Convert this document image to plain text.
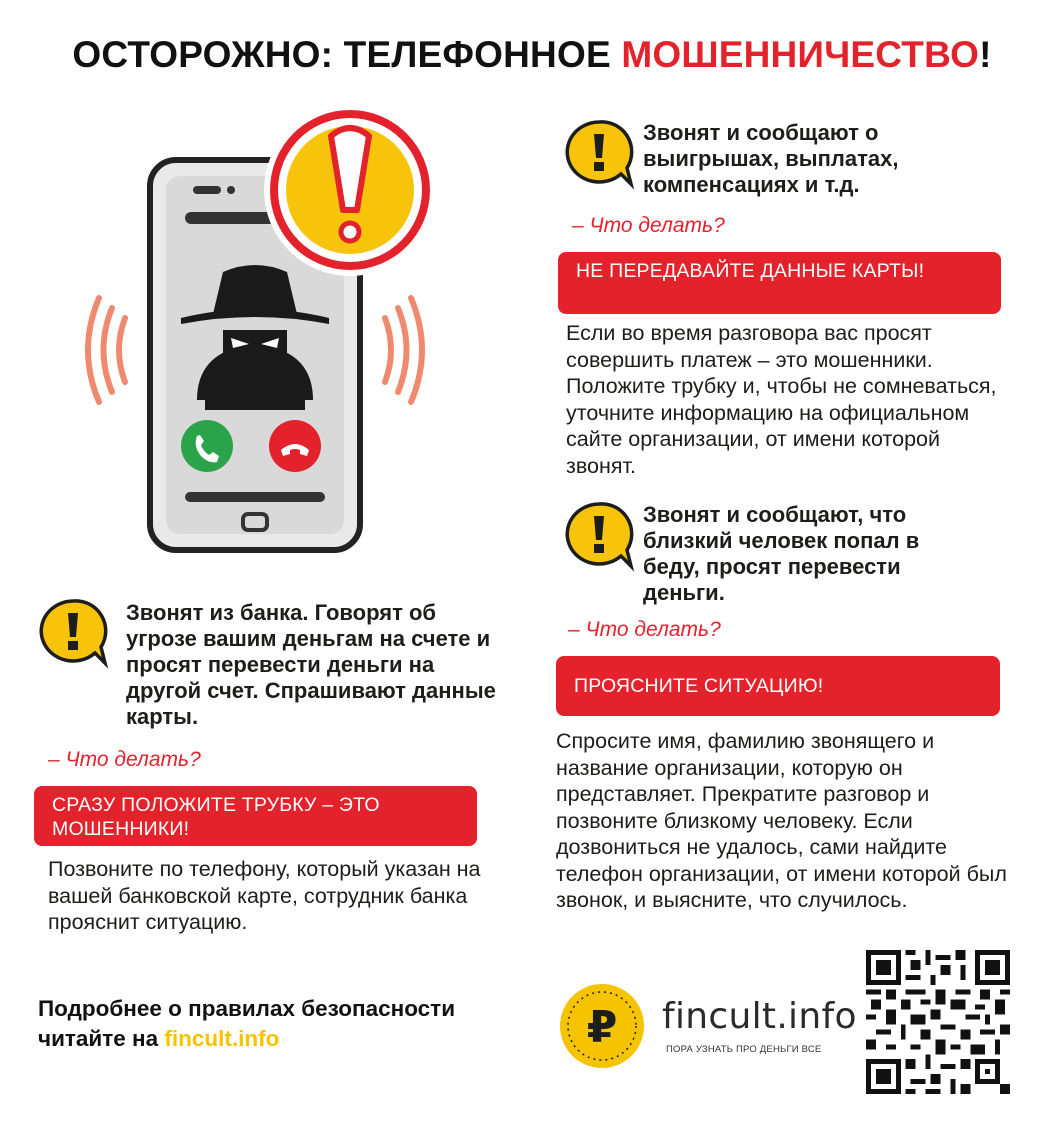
ОСТОРОЖНО: ТЕЛЕФОННОЕ МОШЕННИЧЕСТВО!
Звонят и сообщают о выигрышах, выплатах, компенсациях и т.д.
– Что делать?
НЕ ПЕРЕДАВАЙТЕ ДАННЫЕ КАРТЫ!
Если во время разговора вас просят совершить платеж – это мошенники. Положите трубку и, чтобы не сомневаться, уточните информацию на официальном сайте организации, от имени которой звонят.
Звонят и сообщают, что близкий человек попал в беду, просят перевести деньги.
– Что делать?
ПРОЯСНИТЕ СИТУАЦИЮ!
Спросите имя, фамилию звонящего и название организации, которую он представляет. Прекратите разговор и позвоните близкому человеку. Если дозвониться не удалось, сами найдите телефон организации, от имени которой был звонок, и выясните, что случилось.
Звонят из банка. Говорят об угрозе вашим деньгам на счете и просят перевести деньги на другой счет. Спрашивают данные карты.
– Что делать?
СРАЗУ ПОЛОЖИТЕ ТРУБКУ – ЭТО МОШЕННИКИ!
Позвоните по телефону, который указан на вашей банковской карте, сотрудник банка прояснит ситуацию.
Подробнее о правилах безопасности
читайте на fincult.info	₽ fincult.info
ПОРА УЗНАТЬ ПРО ДЕНЬГИ ВСЕ
